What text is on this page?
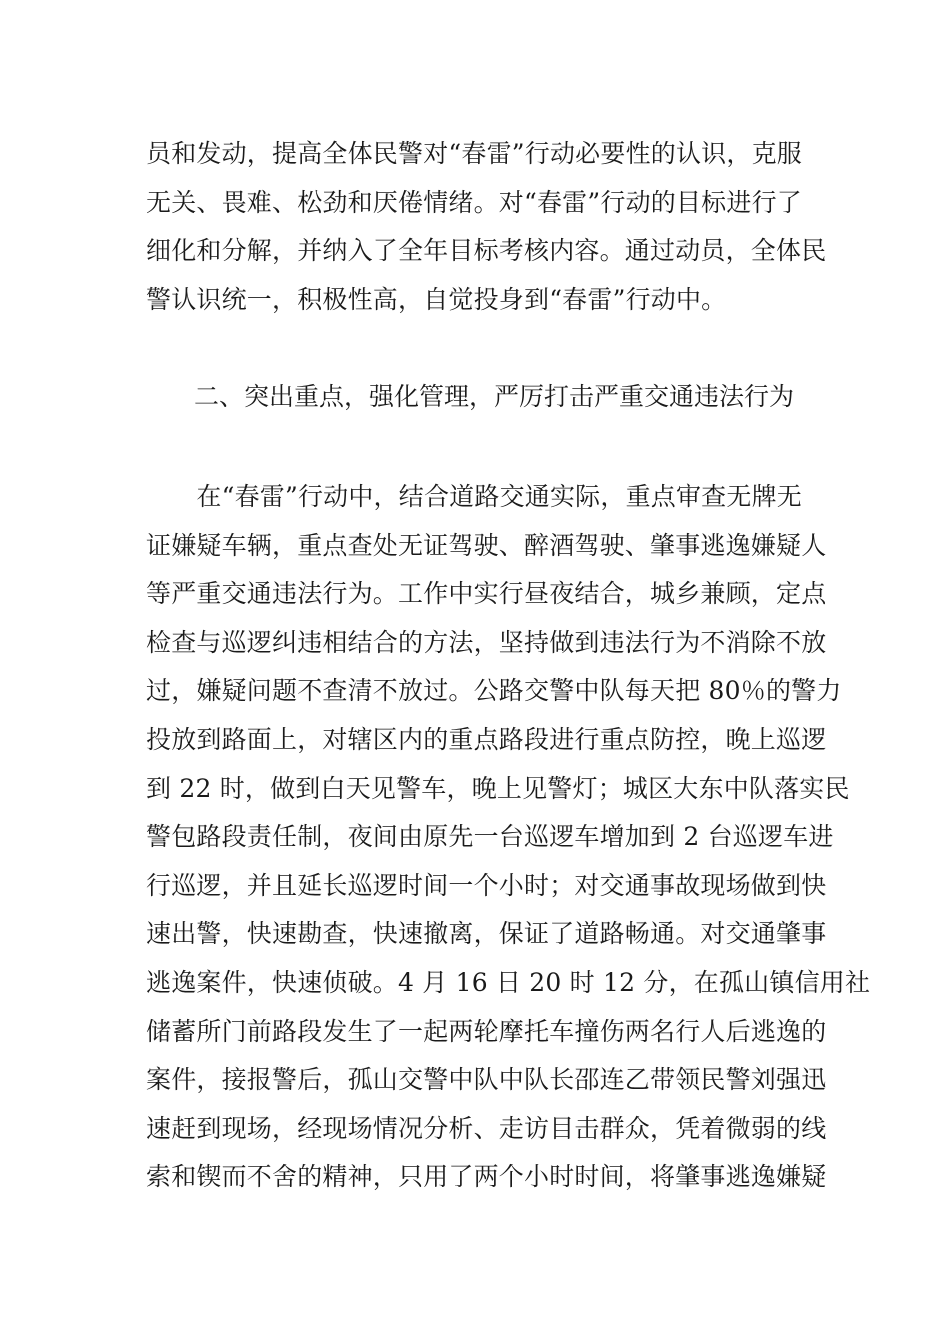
员和发动，提高全体民警对“春雷”行动必要性的认识，克服
无关、畏难、松劲和厌倦情绪。对“春雷”行动的目标进行了
细化和分解，并纳入了全年目标考核内容。通过动员，全体民
警认识统一，积极性高，自觉投身到“春雷”行动中。
二、突出重点，强化管理，严厉打击严重交通违法行为
　　在“春雷”行动中，结合道路交通实际，重点审查无牌无
证嫌疑车辆，重点查处无证驾驶、醉酒驾驶、肇事逃逸嫌疑人
等严重交通违法行为。工作中实行昼夜结合，城乡兼顾，定点
检查与巡逻纠违相结合的方法，坚持做到违法行为不消除不放
过，嫌疑问题不查清不放过。公路交警中队每天把 80％的警力
投放到路面上，对辖区内的重点路段进行重点防控，晚上巡逻
到 22 时，做到白天见警车，晚上见警灯；城区大东中队落实民
警包路段责任制，夜间由原先一台巡逻车增加到 2 台巡逻车进
行巡逻，并且延长巡逻时间一个小时；对交通事故现场做到快
速出警，快速勘查，快速撤离，保证了道路畅通。对交通肇事
逃逸案件，快速侦破。4 月 16 日 20 时 12 分，在孤山镇信用社
储蓄所门前路段发生了一起两轮摩托车撞伤两名行人后逃逸的
案件，接报警后，孤山交警中队中队长邵连乙带领民警刘强迅
速赶到现场，经现场情况分析、走访目击群众，凭着微弱的线
索和锲而不舍的精神，只用了两个小时时间，将肇事逃逸嫌疑
